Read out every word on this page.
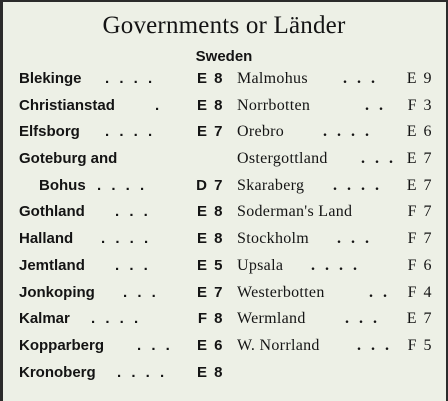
Governments or Länder
Sweden
Blekinge . . . .	E 8
Christianstad	. E 8
Elfsborg . . . .	E 7
Goteburg and
Bohus . . . .	D 7
Gothland . . .	E 8
Halland . . . .	E 8
Jemtland . . .	E 5
Jonkoping . . .	E 7
Kalmar . . . .	F 8
Kopparberg . . . E 6
Kronoberg . . . . E 8
Malmohus . . . E 9
Norrbotten	. . F 3
Orebro . . . . E 6
Ostergottland . . . E 7
Skaraberg . . . . E 7
Soderman's Land	F 7
Stockholm . . . F 7
Upsala . . . .	F 6
Westerbotten	. . F 4
Wermland . . . E 7
W. Norrland . . . F 5
